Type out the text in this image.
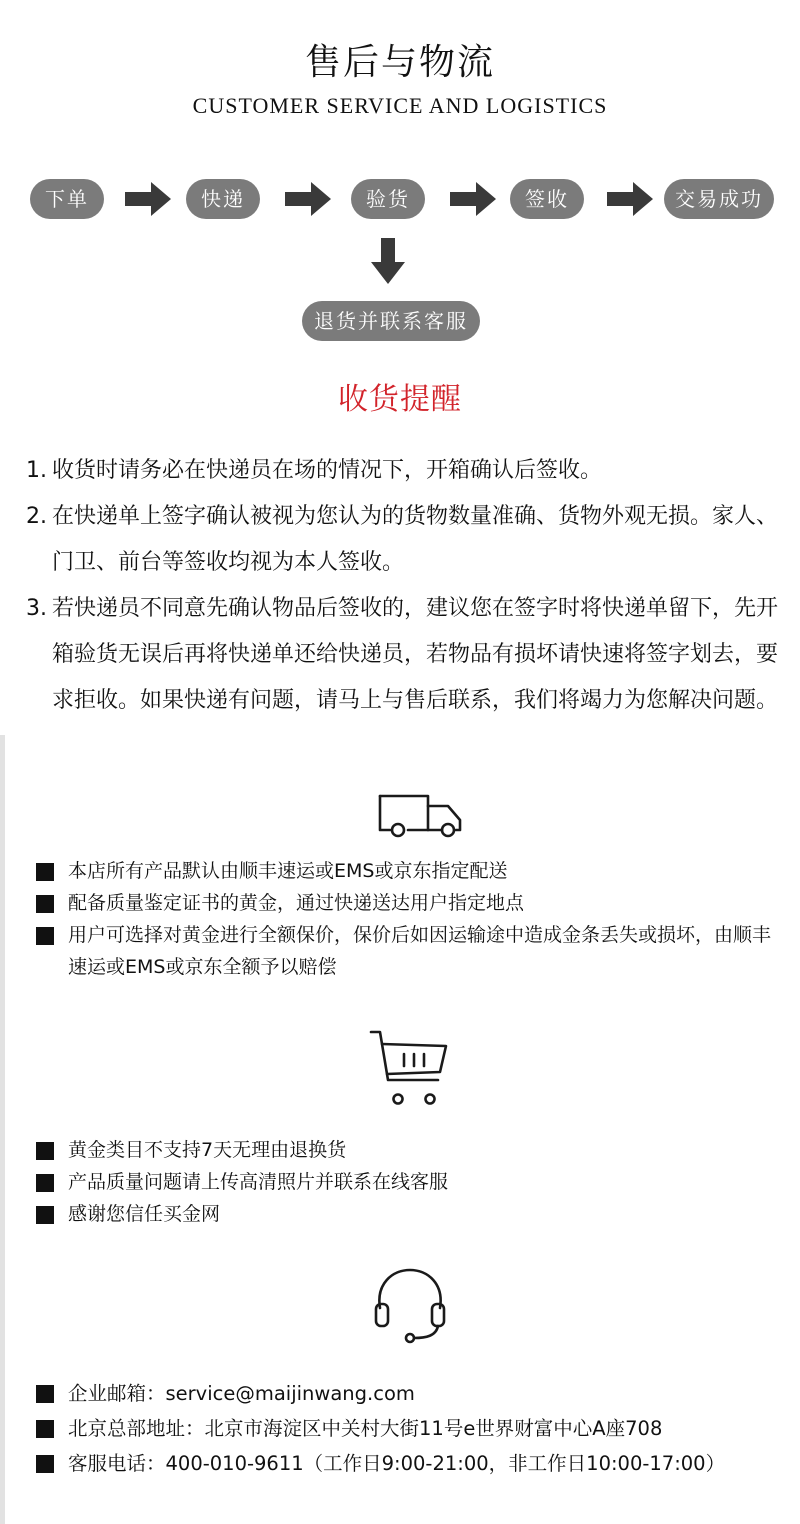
售后与物流
CUSTOMER SERVICE AND LOGISTICS
下单	快递	验货	签收	交易成功
退货并联系客服
收货提醒
1. 收货时请务必在快递员在场的情况下，开箱确认后签收。
2. 在快递单上签字确认被视为您认为的货物数量准确、货物外观无损。家人、门卫、前台等签收均视为本人签收。
3. 若快递员不同意先确认物品后签收的，建议您在签字时将快递单留下，先开箱验货无误后再将快递单还给快递员，若物品有损坏请快速将签字划去，要求拒收。如果快递有问题，请马上与售后联系，我们将竭力为您解决问题。
本店所有产品默认由顺丰速运或EMS或京东指定配送
配备质量鉴定证书的黄金，通过快递送达用户指定地点
用户可选择对黄金进行全额保价，保价后如因运输途中造成金条丢失或损坏，由顺丰速运或EMS或京东全额予以赔偿
黄金类目不支持7天无理由退换货
产品质量问题请上传高清照片并联系在线客服
感谢您信任买金网
企业邮箱：service@maijinwang.com
北京总部地址：北京市海淀区中关村大街11号e世界财富中心A座708
客服电话：400-010-9611（工作日9:00-21:00，非工作日10:00-17:00）
